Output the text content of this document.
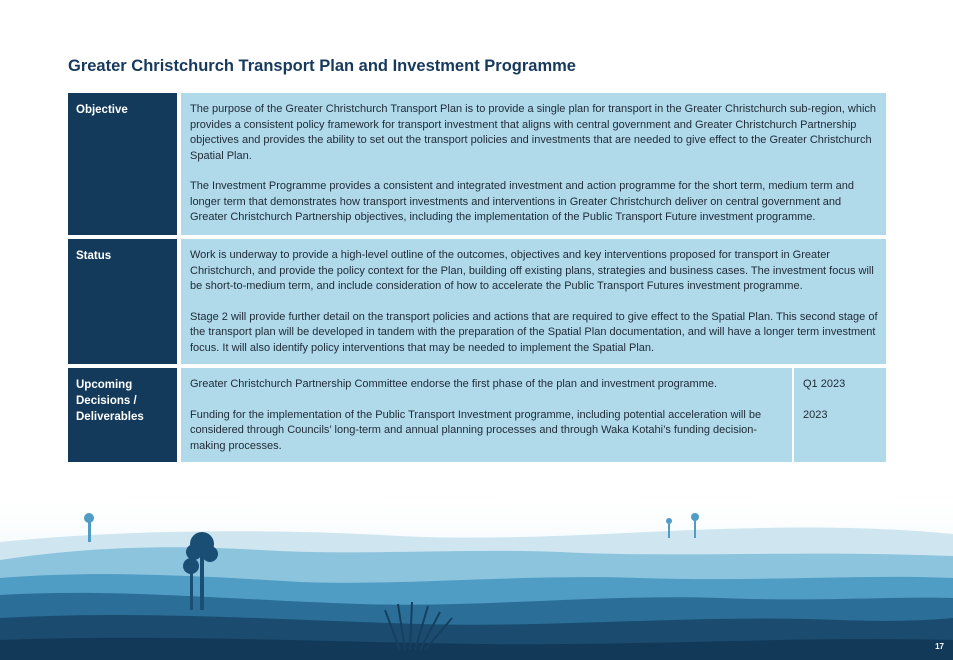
Greater Christchurch Transport Plan and Investment Programme
Objective	The purpose of the Greater Christchurch Transport Plan is to provide a single plan for transport in the Greater Christchurch sub-region, which provides a consistent policy framework for transport investment that aligns with central government and Greater Christchurch Partnership objectives and provides the ability to set out the transport policies and investments that are needed to give effect to the Greater Christchurch Spatial Plan.

The Investment Programme provides a consistent and integrated investment and action programme for the short term, medium term and longer term that demonstrates how transport investments and interventions in Greater Christchurch deliver on central government and Greater Christchurch Partnership objectives, including the implementation of the Public Transport Future investment programme.

Status	Work is underway to provide a high-level outline of the outcomes, objectives and key interventions proposed for transport in Greater Christchurch, and provide the policy context for the Plan, building off existing plans, strategies and business cases. The investment focus will be short-to-medium term, and include consideration of how to accelerate the Public Transport Futures investment programme.

Stage 2 will provide further detail on the transport policies and actions that are required to give effect to the Spatial Plan. This second stage of the transport plan will be developed in tandem with the preparation of the Spatial Plan documentation, and will have a longer term investment focus. It will also identify policy interventions that may be needed to implement the Spatial Plan.

Upcoming Decisions / Deliverables

Greater Christchurch Partnership Committee endorse the first phase of the plan and investment programme.

Funding for the implementation of the Public Transport Investment programme, including potential acceleration will be considered through Councils’ long-term and annual planning processes and through Waka Kotahi’s funding decision-making processes.

Q1 2023

2023

17
